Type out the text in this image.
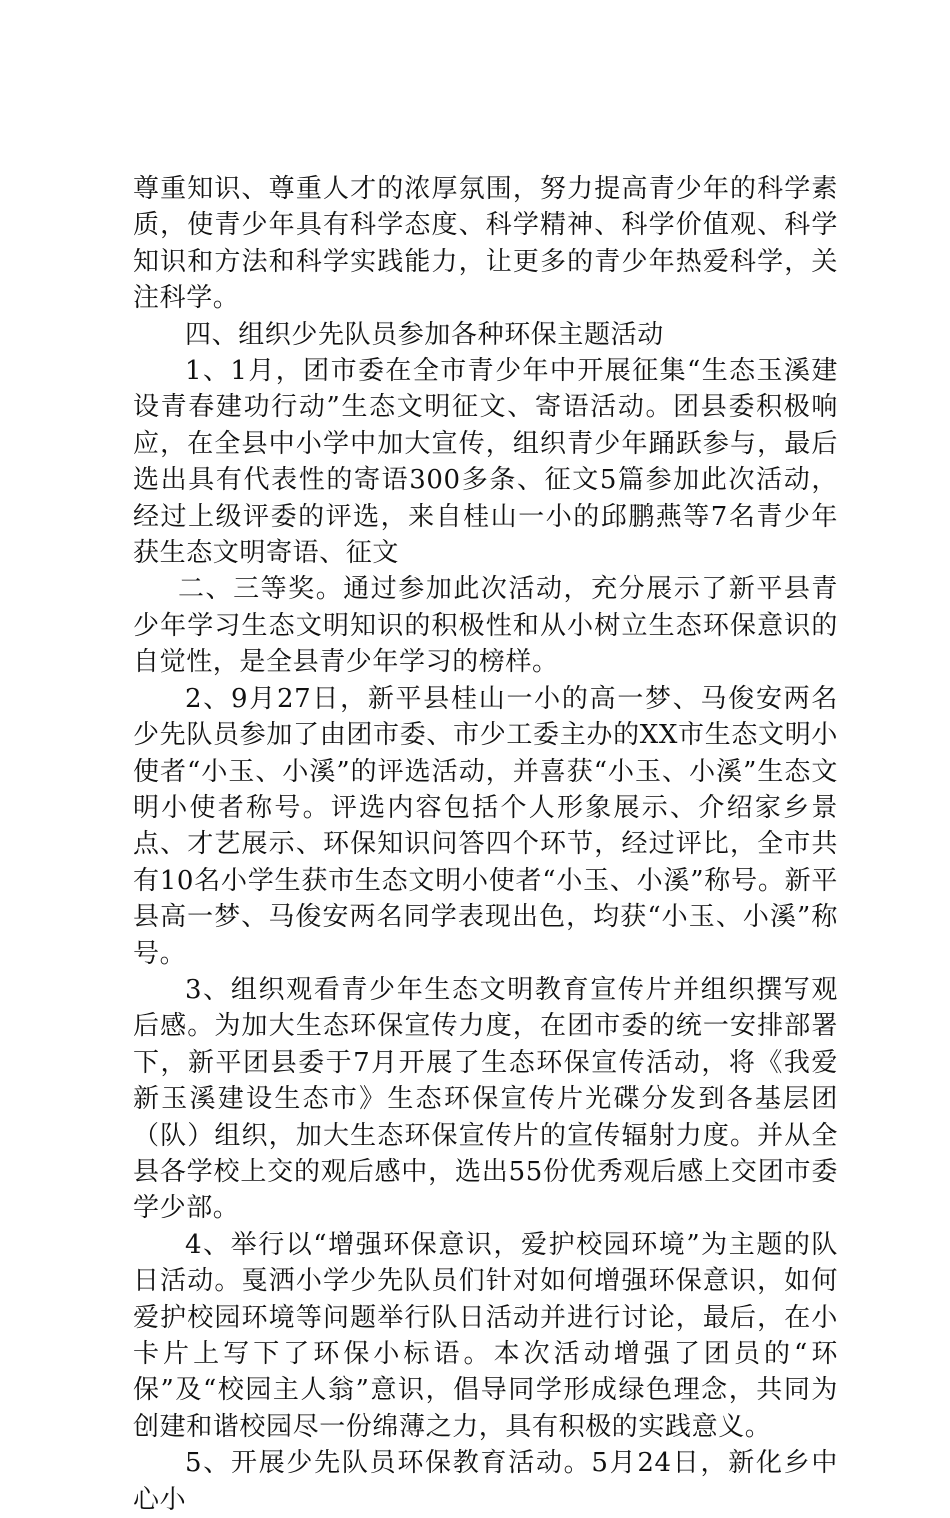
尊重知识、尊重人才的浓厚氛围，努力提高青少年的科学素质，使青少年具有科学态度、科学精神、科学价值观、科学知识和方法和科学实践能力，让更多的青少年热爱科学，关注科学。

四、组织少先队员参加各种环保主题活动

1、1月，团市委在全市青少年中开展征集“生态玉溪建设青春建功行动”生态文明征文、寄语活动。团县委积极响应，在全县中小学中加大宣传，组织青少年踊跃参与，最后选出具有代表性的寄语300多条、征文5篇参加此次活动，经过上级评委的评选，来自桂山一小的邱鹏燕等7名青少年获生态文明寄语、征文

二、三等奖。通过参加此次活动，充分展示了新平县青少年学习生态文明知识的积极性和从小树立生态环保意识的自觉性，是全县青少年学习的榜样。

2、9月27日，新平县桂山一小的高一梦、马俊安两名少先队员参加了由团市委、市少工委主办的XX市生态文明小使者“小玉、小溪”的评选活动，并喜获“小玉、小溪”生态文明小使者称号。评选内容包括个人形象展示、介绍家乡景点、才艺展示、环保知识问答四个环节，经过评比，全市共有10名小学生获市生态文明小使者“小玉、小溪”称号。新平县高一梦、马俊安两名同学表现出色，均获“小玉、小溪”称号。

3、组织观看青少年生态文明教育宣传片并组织撰写观后感。为加大生态环保宣传力度，在团市委的统一安排部署下，新平团县委于7月开展了生态环保宣传活动，将《我爱新玉溪建设生态市》生态环保宣传片光碟分发到各基层团（队）组织，加大生态环保宣传片的宣传辐射力度。并从全县各学校上交的观后感中，选出55份优秀观后感上交团市委学少部。

4、举行以“增强环保意识，爱护校园环境”为主题的队日活动。戛洒小学少先队员们针对如何增强环保意识，如何爱护校园环境等问题举行队日活动并进行讨论，最后，在小卡片上写下了环保小标语。本次活动增强了团员的“环保”及“校园主人翁”意识，倡导同学形成绿色理念，共同为创建和谐校园尽一份绵薄之力，具有积极的实践意义。

5、开展少先队员环保教育活动。5月24日，新化乡中心小
